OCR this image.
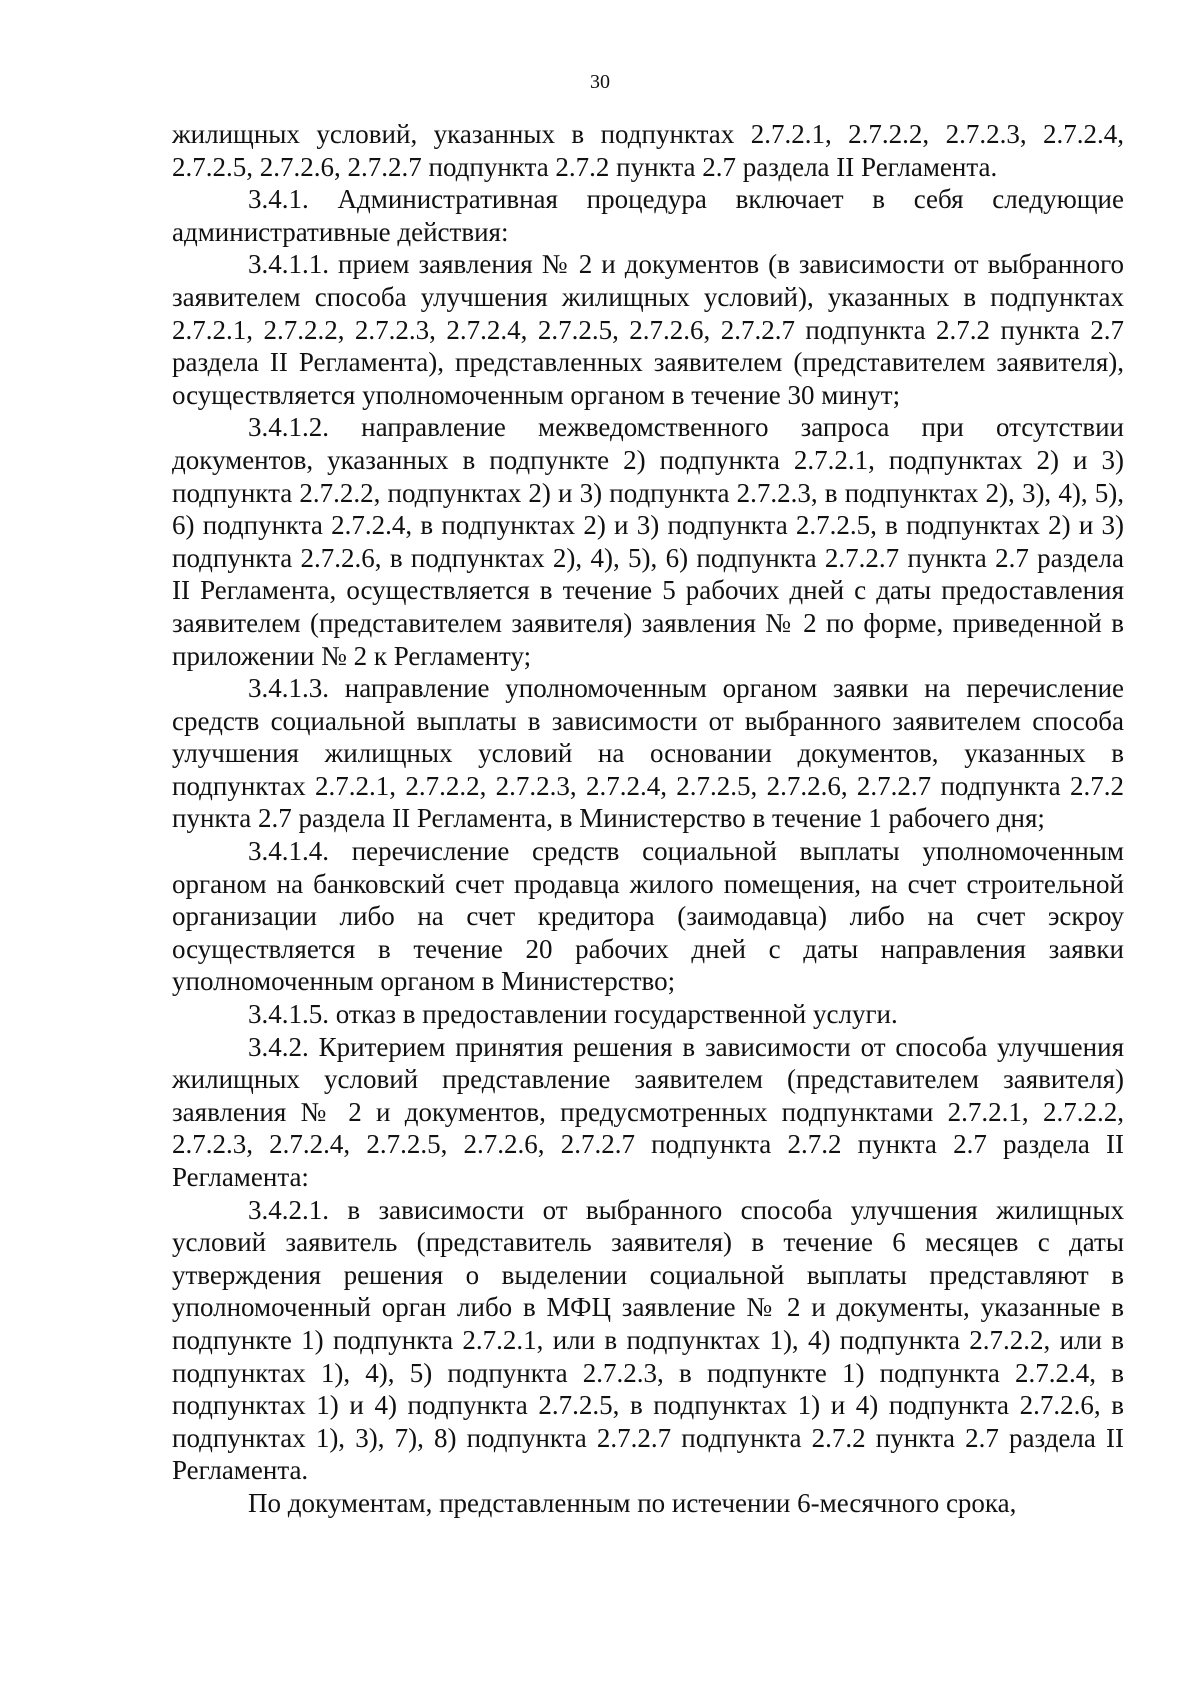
30

жилищных условий, указанных в подпунктах 2.7.2.1, 2.7.2.2, 2.7.2.3, 2.7.2.4, 2.7.2.5, 2.7.2.6, 2.7.2.7 подпункта 2.7.2 пункта 2.7 раздела II Регламента.

3.4.1. Административная процедура включает в себя следующие административные действия:

3.4.1.1. прием заявления № 2 и документов (в зависимости от выбранного заявителем способа улучшения жилищных условий), указанных в подпунктах 2.7.2.1, 2.7.2.2, 2.7.2.3, 2.7.2.4, 2.7.2.5, 2.7.2.6, 2.7.2.7 подпункта 2.7.2 пункта 2.7 раздела II Регламента), представленных заявителем (представителем заявителя), осуществляется уполномоченным органом в течение 30 минут;

3.4.1.2. направление межведомственного запроса при отсутствии документов, указанных в подпункте 2) подпункта 2.7.2.1, подпунктах 2) и 3) подпункта 2.7.2.2, подпунктах 2) и 3) подпункта 2.7.2.3, в подпунктах 2), 3), 4), 5), 6) подпункта 2.7.2.4, в подпунктах 2) и 3) подпункта 2.7.2.5, в подпунктах 2) и 3) подпункта 2.7.2.6, в подпунктах 2), 4), 5), 6) подпункта 2.7.2.7 пункта 2.7 раздела II Регламента, осуществляется в течение 5 рабочих дней с даты предоставления заявителем (представителем заявителя) заявления № 2 по форме, приведенной в приложении № 2 к Регламенту;

3.4.1.3. направление уполномоченным органом заявки на перечисление средств социальной выплаты в зависимости от выбранного заявителем способа улучшения жилищных условий на основании документов, указанных в подпунктах 2.7.2.1, 2.7.2.2, 2.7.2.3, 2.7.2.4, 2.7.2.5, 2.7.2.6, 2.7.2.7 подпункта 2.7.2 пункта 2.7 раздела II Регламента, в Министерство в течение 1 рабочего дня;

3.4.1.4. перечисление средств социальной выплаты уполномоченным органом на банковский счет продавца жилого помещения, на счет строительной организации либо на счет кредитора (заимодавца) либо на счет эскроу осуществляется в течение 20 рабочих дней с даты направления заявки уполномоченным органом в Министерство;

3.4.1.5. отказ в предоставлении государственной услуги.

3.4.2. Критерием принятия решения в зависимости от способа улучшения жилищных условий представление заявителем (представителем заявителя) заявления № 2 и документов, предусмотренных подпунктами 2.7.2.1, 2.7.2.2, 2.7.2.3, 2.7.2.4, 2.7.2.5, 2.7.2.6, 2.7.2.7 подпункта 2.7.2 пункта 2.7 раздела II Регламента:

3.4.2.1. в зависимости от выбранного способа улучшения жилищных условий заявитель (представитель заявителя) в течение 6 месяцев с даты утверждения решения о выделении социальной выплаты представляют в уполномоченный орган либо в МФЦ заявление № 2 и документы, указанные в подпункте 1) подпункта 2.7.2.1, или в подпунктах 1), 4) подпункта 2.7.2.2, или в подпунктах 1), 4), 5) подпункта 2.7.2.3, в подпункте 1) подпункта 2.7.2.4, в подпунктах 1) и 4) подпункта 2.7.2.5, в подпунктах 1) и 4) подпункта 2.7.2.6, в подпунктах 1), 3), 7), 8) подпункта 2.7.2.7 подпункта 2.7.2 пункта 2.7 раздела II Регламента.

По документам, представленным по истечении 6-месячного срока,
